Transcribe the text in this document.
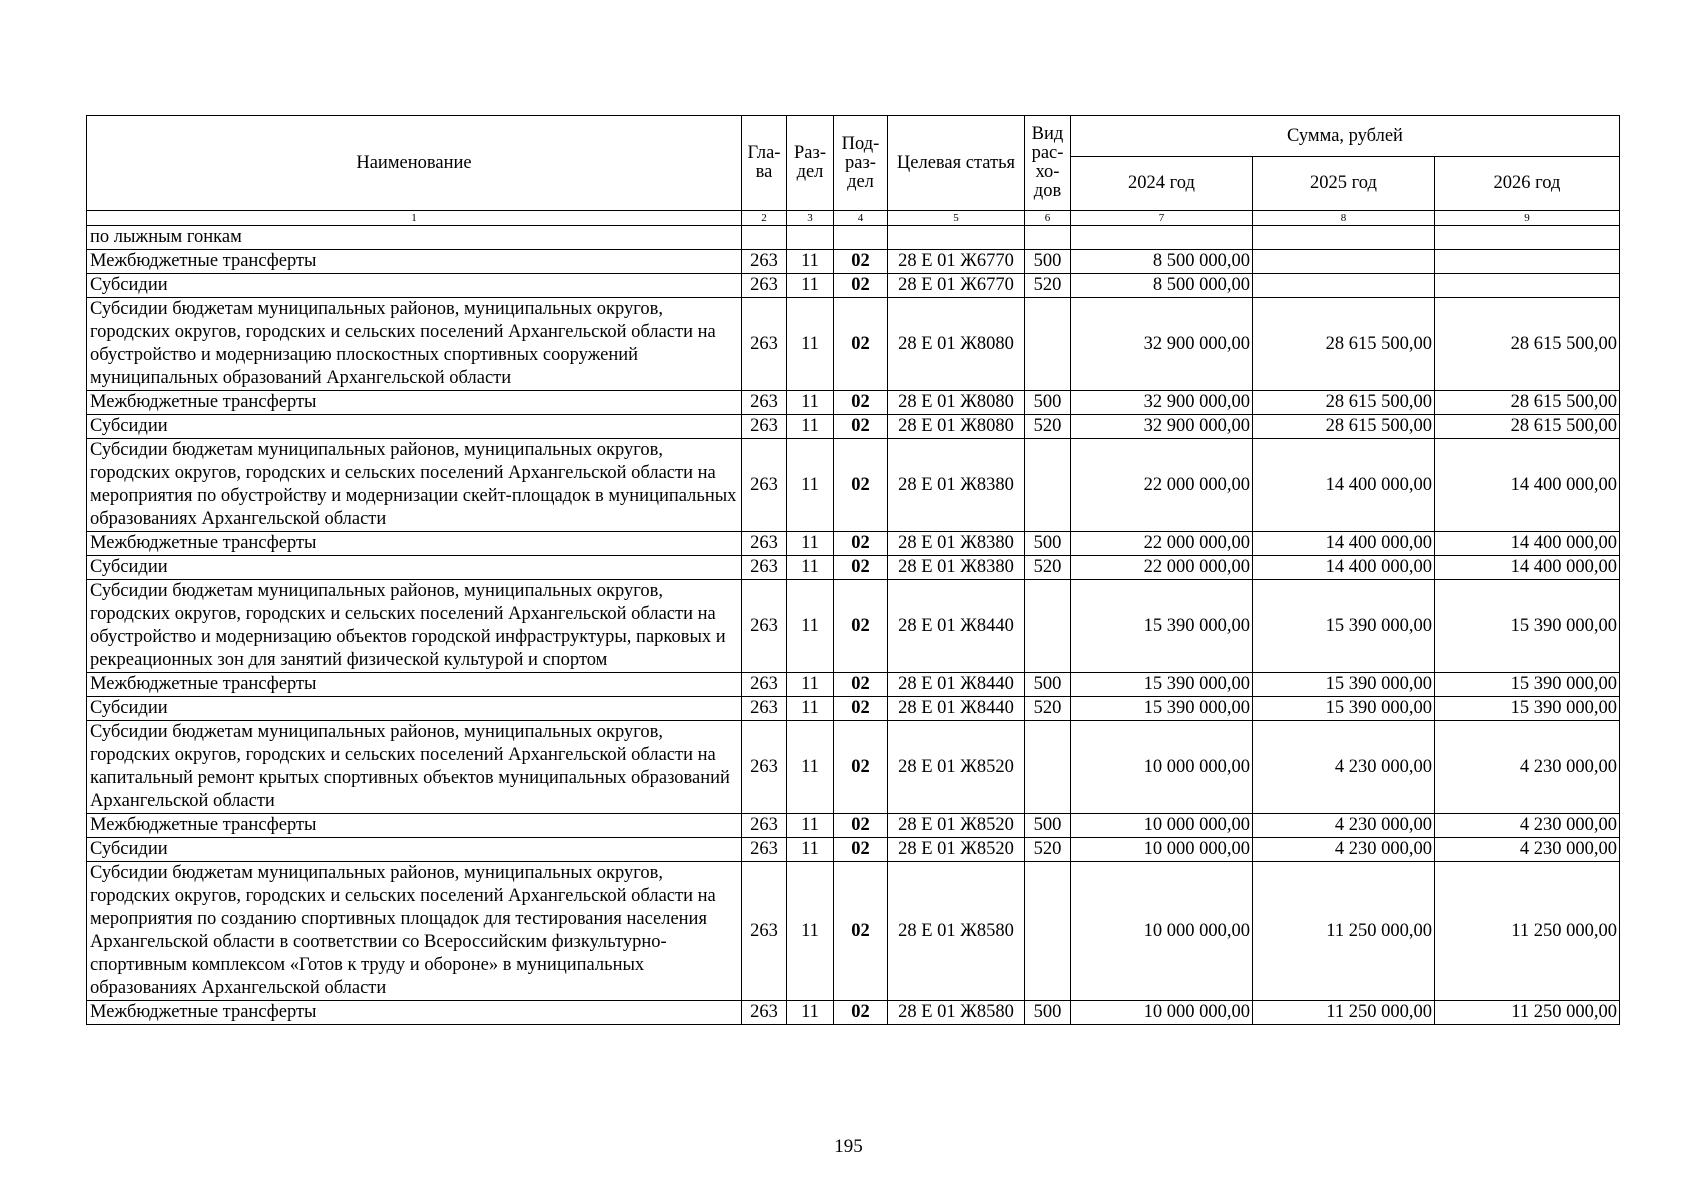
Наименование	Гла-ва	Раз-дел	Под-раз-дел	Целевая статья	Вид рас-хо-дов	Сумма, рублей		
						2024 год	2025 год	2026 год
1	2	3	4	5	6	7	8	9
по лыжным гонкам								
Межбюджетные трансферты	263	11	02	28 Е 01 Ж6770	500	8 500 000,00		
Субсидии	263	11	02	28 Е 01 Ж6770	520	8 500 000,00		
Субсидии бюджетам муниципальных районов, муниципальных округов, городских округов, городских и сельских поселений Архангельской области на обустройство и модернизацию плоскостных спортивных сооружений муниципальных образований Архангельской области	263	11	02	28 Е 01 Ж8080		32 900 000,00	28 615 500,00	28 615 500,00
Межбюджетные трансферты	263	11	02	28 Е 01 Ж8080	500	32 900 000,00	28 615 500,00	28 615 500,00
Субсидии	263	11	02	28 Е 01 Ж8080	520	32 900 000,00	28 615 500,00	28 615 500,00
Субсидии бюджетам муниципальных районов, муниципальных округов, городских округов, городских и сельских поселений Архангельской области на мероприятия по обустройству и модернизации скейт-площадок в муниципальных образованиях Архангельской области	263	11	02	28 Е 01 Ж8380		22 000 000,00	14 400 000,00	14 400 000,00
Межбюджетные трансферты	263	11	02	28 Е 01 Ж8380	500	22 000 000,00	14 400 000,00	14 400 000,00
Субсидии	263	11	02	28 Е 01 Ж8380	520	22 000 000,00	14 400 000,00	14 400 000,00
Субсидии бюджетам муниципальных районов, муниципальных округов, городских округов, городских и сельских поселений Архангельской области на обустройство и модернизацию объектов городской инфраструктуры, парковых и рекреационных зон для занятий физической культурой и спортом	263	11	02	28 Е 01 Ж8440		15 390 000,00	15 390 000,00	15 390 000,00
Межбюджетные трансферты	263	11	02	28 Е 01 Ж8440	500	15 390 000,00	15 390 000,00	15 390 000,00
Субсидии	263	11	02	28 Е 01 Ж8440	520	15 390 000,00	15 390 000,00	15 390 000,00
Субсидии бюджетам муниципальных районов, муниципальных округов, городских округов, городских и сельских поселений Архангельской области на капитальный ремонт крытых спортивных объектов муниципальных образований Архангельской области	263	11	02	28 Е 01 Ж8520		10 000 000,00	4 230 000,00	4 230 000,00
Межбюджетные трансферты	263	11	02	28 Е 01 Ж8520	500	10 000 000,00	4 230 000,00	4 230 000,00
Субсидии	263	11	02	28 Е 01 Ж8520	520	10 000 000,00	4 230 000,00	4 230 000,00
Субсидии бюджетам муниципальных районов, муниципальных округов, городских округов, городских и сельских поселений Архангельской области на мероприятия по созданию спортивных площадок для тестирования населения Архангельской области в соответствии со Всероссийским физкультурно-спортивным комплексом «Готов к труду и обороне» в муниципальных образованиях Архангельской области	263	11	02	28 Е 01 Ж8580		10 000 000,00	11 250 000,00	11 250 000,00
Межбюджетные трансферты	263	11	02	28 Е 01 Ж8580	500	10 000 000,00	11 250 000,00	11 250 000,00
195
